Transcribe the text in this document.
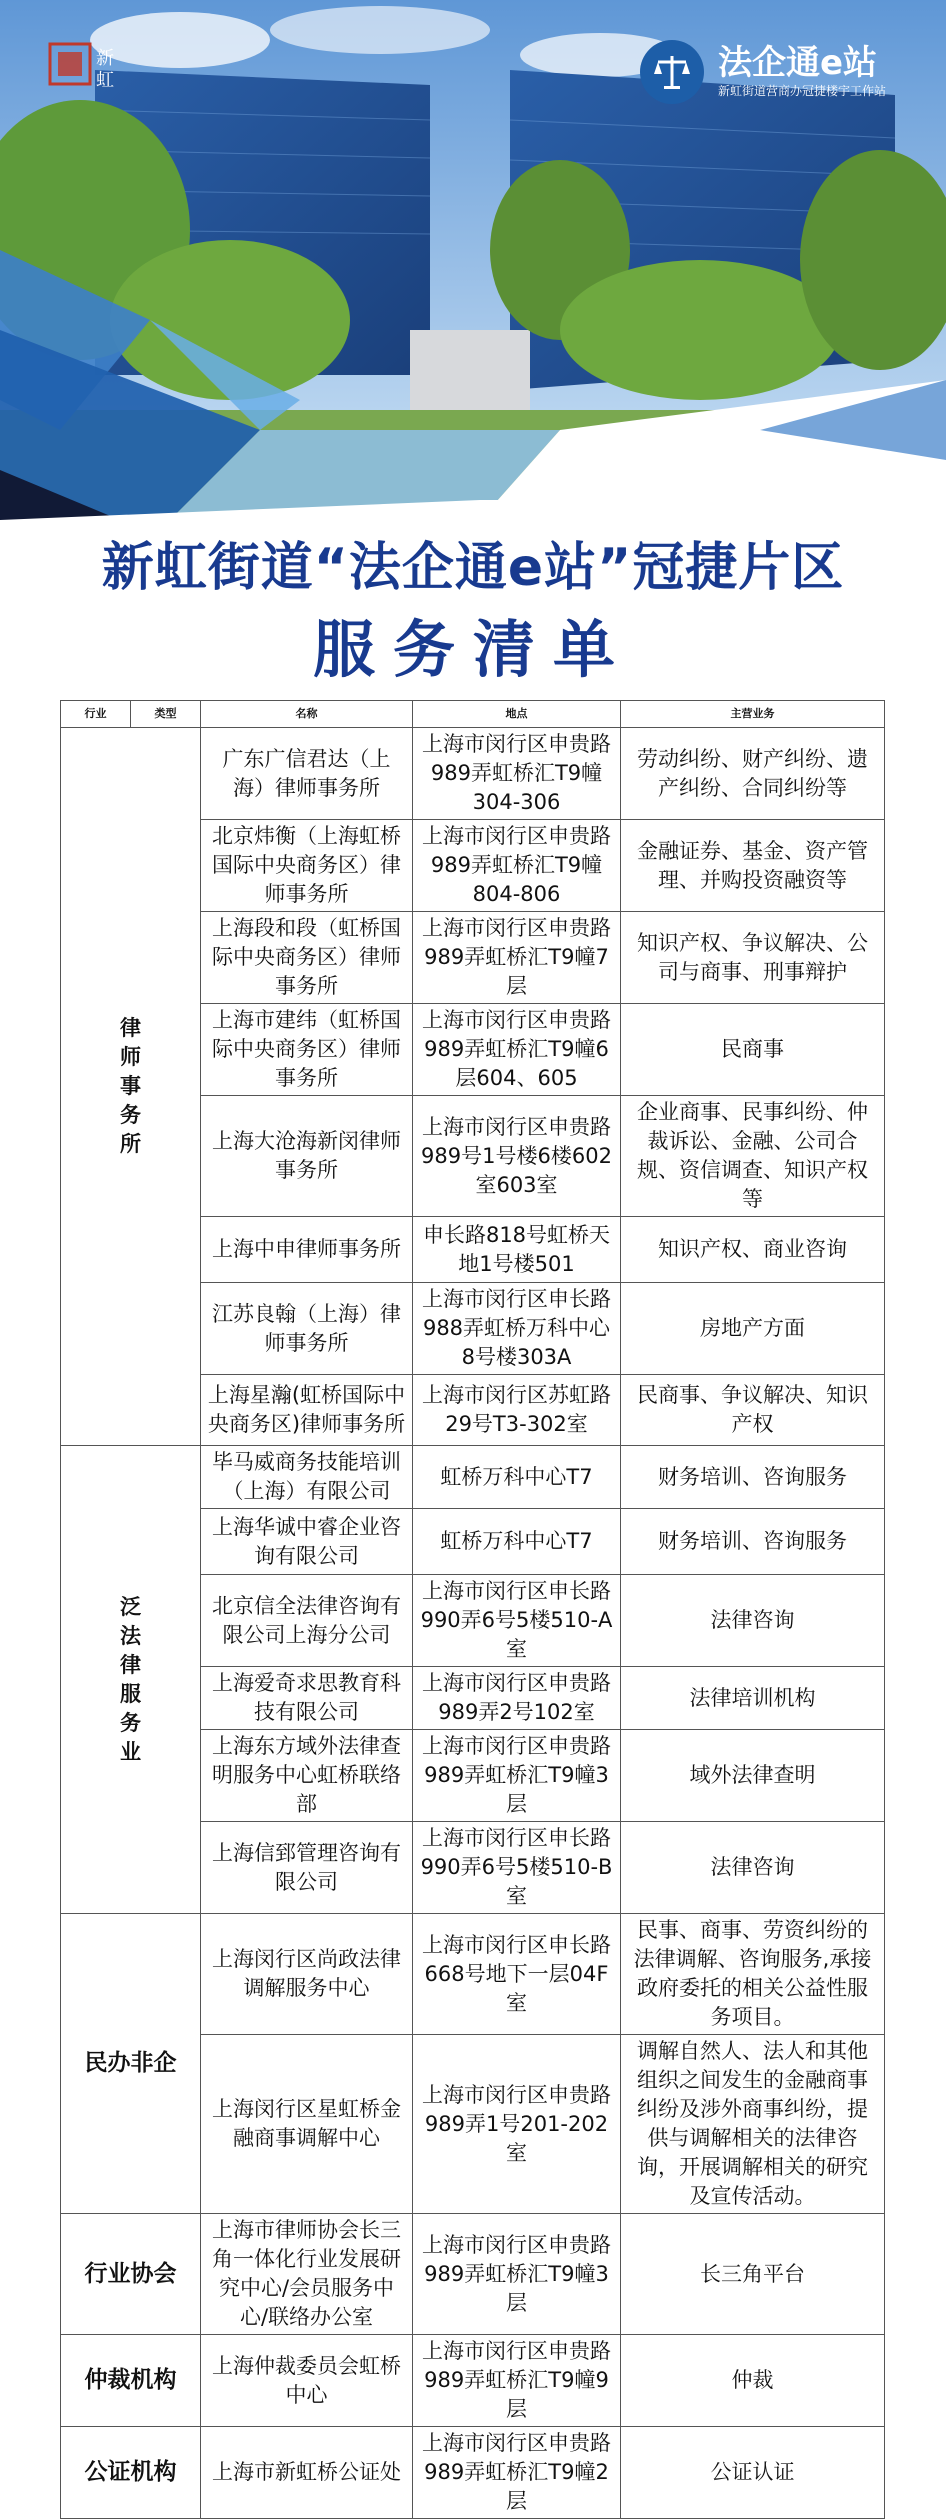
新
虹	法企通e站
新虹街道营商办冠捷楼宇工作站
新虹街道“法企通e站”冠捷片区
服务清单
行业	类型	名称	地点	主营业务
律师事务所		广东广信君达（上海）律师事务所	上海市闵行区申贵路989弄虹桥汇T9幢304-306	劳动纠纷、财产纠纷、遗产纠纷、合同纠纷等
		北京炜衡（上海虹桥国际中央商务区）律师事务所	上海市闵行区申贵路989弄虹桥汇T9幢804-806	金融证券、基金、资产管理、并购投资融资等
		上海段和段（虹桥国际中央商务区）律师事务所	上海市闵行区申贵路989弄虹桥汇T9幢7层	知识产权、争议解决、公司与商事、刑事辩护
		上海市建纬（虹桥国际中央商务区）律师事务所	上海市闵行区申贵路989弄虹桥汇T9幢6层604、605	民商事
		上海大沧海新闵律师事务所	上海市闵行区申贵路989号1号楼6楼602室603室	企业商事、民事纠纷、仲裁诉讼、金融、公司合规、资信调查、知识产权等
		上海中申律师事务所	申长路818号虹桥天地1号楼501	知识产权、商业咨询
		江苏良翰（上海）律师事务所	上海市闵行区申长路988弄虹桥万科中心8号楼303A	房地产方面
		上海星瀚(虹桥国际中央商务区)律师事务所	上海市闵行区苏虹路29号T3-302室	民商事、争议解决、知识产权
泛法律服务业		毕马威商务技能培训（上海）有限公司	虹桥万科中心T7	财务培训、咨询服务
		上海华诚中睿企业咨询有限公司	虹桥万科中心T7	财务培训、咨询服务
		北京信全法律咨询有限公司上海分公司	上海市闵行区申长路990弄6号5楼510-A室	法律咨询
		上海爱奇求思教育科技有限公司	上海市闵行区申贵路989弄2号102室	法律培训机构
		上海东方域外法律查明服务中心虹桥联络部	上海市闵行区申贵路989弄虹桥汇T9幢3层	域外法律查明
		上海信郅管理咨询有限公司	上海市闵行区申长路990弄6号5楼510-B室	法律咨询
民办非企		上海闵行区尚政法律调解服务中心	上海市闵行区申长路668号地下一层04F室	民事、商事、劳资纠纷的法律调解、咨询服务,承接政府委托的相关公益性服务项目。
		上海闵行区星虹桥金融商事调解中心	上海市闵行区申贵路989弄1号201-202室	调解自然人、法人和其他组织之间发生的金融商事纠纷及涉外商事纠纷，提供与调解相关的法律咨询，开展调解相关的研究及宣传活动。
行业协会		上海市律师协会长三角一体化行业发展研究中心/会员服务中心/联络办公室	上海市闵行区申贵路989弄虹桥汇T9幢3层	长三角平台
仲裁机构		上海仲裁委员会虹桥中心	上海市闵行区申贵路989弄虹桥汇T9幢9层	仲裁
公证机构		上海市新虹桥公证处	上海市闵行区申贵路989弄虹桥汇T9幢2层	公证认证
